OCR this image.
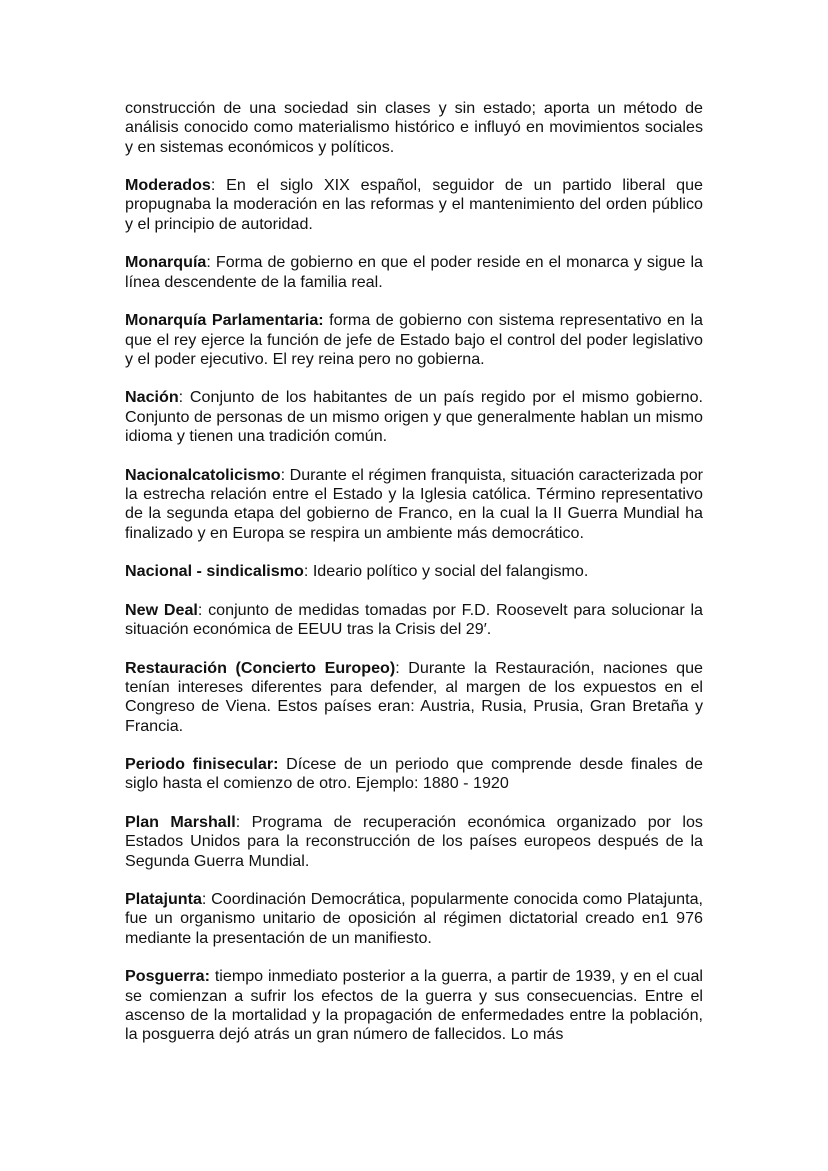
construcción de una sociedad sin clases y sin estado; aporta un método de análisis conocido como materialismo histórico e influyó en movimientos sociales y en sistemas económicos y políticos.

Moderados: En el siglo XIX español, seguidor de un partido liberal que propugnaba la moderación en las reformas y el mantenimiento del orden público y el principio de autoridad.

Monarquía: Forma de gobierno en que el poder reside en el monarca y sigue la línea descendente de la familia real.

Monarquía Parlamentaria: forma de gobierno con sistema representativo en la que el rey ejerce la función de jefe de Estado bajo el control del poder legislativo y el poder ejecutivo. El rey reina pero no gobierna.

Nación: Conjunto de los habitantes de un país regido por el mismo gobierno. Conjunto de personas de un mismo origen y que generalmente hablan un mismo idioma y tienen una tradición común.

Nacionalcatolicismo: Durante el régimen franquista, situación caracterizada por la estrecha relación entre el Estado y la Iglesia católica. Término representativo de la segunda etapa del gobierno de Franco, en la cual la II Guerra Mundial ha finalizado y en Europa se respira un ambiente más democrático.

Nacional - sindicalismo: Ideario político y social del falangismo.

New Deal: conjunto de medidas tomadas por F.D. Roosevelt para solucionar la situación económica de EEUU tras la Crisis del 29′.

Restauración (Concierto Europeo): Durante la Restauración, naciones que tenían intereses diferentes para defender, al margen de los expuestos en el Congreso de Viena. Estos países eran: Austria, Rusia, Prusia, Gran Bretaña y Francia.

Periodo finisecular: Dícese de un periodo que comprende desde finales de siglo hasta el comienzo de otro. Ejemplo: 1880 - 1920

Plan Marshall: Programa de recuperación económica organizado por los Estados Unidos para la reconstrucción de los países europeos después de la Segunda Guerra Mundial.

Platajunta: Coordinación Democrática, popularmente conocida como Platajunta, fue un organismo unitario de oposición al régimen dictatorial creado en1 976 mediante la presentación de un manifiesto.

Posguerra: tiempo inmediato posterior a la guerra, a partir de 1939, y en el cual se comienzan a sufrir los efectos de la guerra y sus consecuencias. Entre el ascenso de la mortalidad y la propagación de enfermedades entre la población, la posguerra dejó atrás un gran número de fallecidos. Lo más
